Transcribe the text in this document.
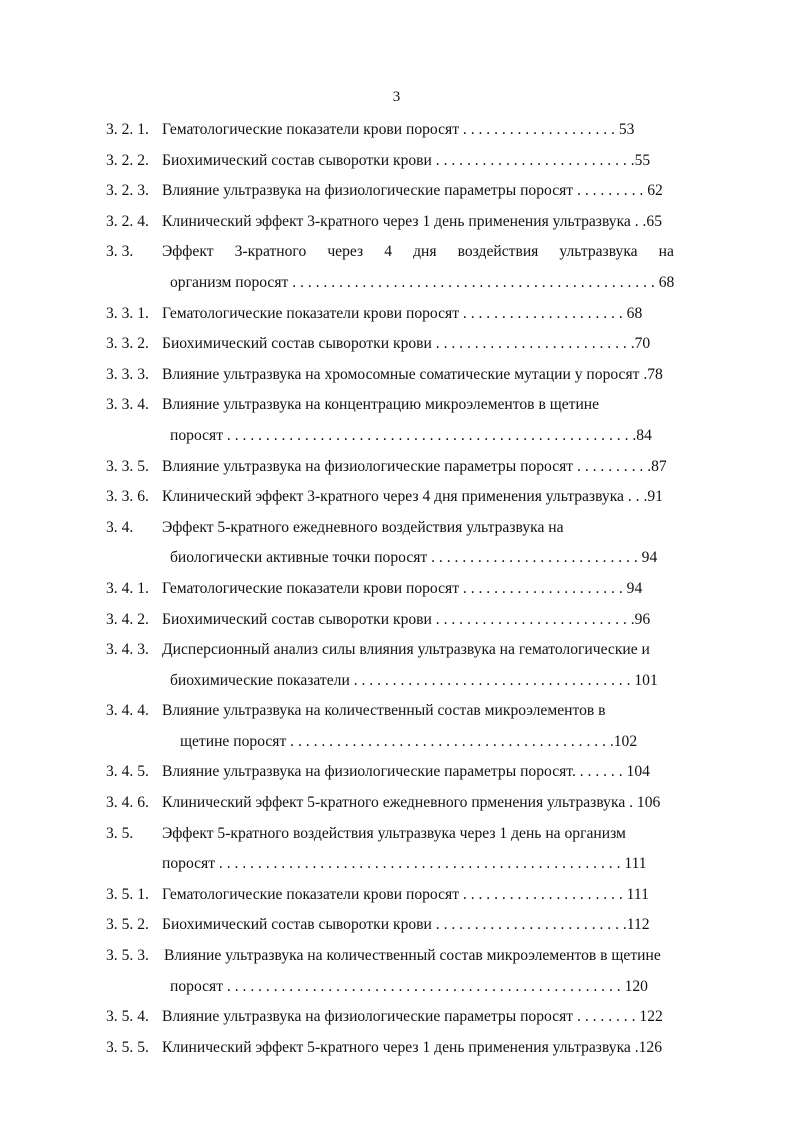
3
3. 2. 1. Гематологические показатели крови поросят . . . . . . . . . . . . . . . . . . . . 53
3. 2. 2. Биохимический состав сыворотки крови . . . . . . . . . . . . . . . . . . . . . . . . . .55
3. 2. 3. Влияние ультразвука на физиологические параметры поросят . . . . . . . . . 62
3. 2. 4. Клинический эффект 3-кратного через 1 день применения ультразвука . .65
3. 3. Эффект 3-кратного через 4 дня воздействия ультразвука на
организм поросят . . . . . . . . . . . . . . . . . . . . . . . . . . . . . . . . . . . . . . . . . . . . . . . 68
3. 3. 1. Гематологические показатели крови поросят . . . . . . . . . . . . . . . . . . . . . 68
3. 3. 2. Биохимический состав сыворотки крови . . . . . . . . . . . . . . . . . . . . . . . . . .70
3. 3. 3. Влияние ультразвука на хромосомные соматические мутации у поросят .78
3. 3. 4. Влияние ультразвука на концентрацию микроэлементов в щетине
поросят . . . . . . . . . . . . . . . . . . . . . . . . . . . . . . . . . . . . . . . . . . . . . . . . . . . . .84
3. 3. 5. Влияние ультразвука на физиологические параметры поросят . . . . . . . . . .87
3. 3. 6. Клинический эффект 3-кратного через 4 дня применения ультразвука . . .91
3. 4. Эффект 5-кратного ежедневного воздействия ультразвука на
биологически активные точки поросят . . . . . . . . . . . . . . . . . . . . . . . . . . . 94
3. 4. 1. Гематологические показатели крови поросят . . . . . . . . . . . . . . . . . . . . . 94
3. 4. 2. Биохимический состав сыворотки крови . . . . . . . . . . . . . . . . . . . . . . . . . .96
3. 4. 3. Дисперсионный анализ силы влияния ультразвука на гематологические и
биохимические показатели . . . . . . . . . . . . . . . . . . . . . . . . . . . . . . . . . . . . 101
3. 4. 4. Влияние ультразвука на количественный состав микроэлементов в
щетине поросят . . . . . . . . . . . . . . . . . . . . . . . . . . . . . . . . . . . . . . . . . .102
3. 4. 5. Влияние ультразвука на физиологические параметры поросят. . . . . . . 104
3. 4. 6. Клинический эффект 5-кратного ежедневного прменения ультразвука . 106
3. 5. Эффект 5-кратного воздействия ультразвука через 1 день на организм
поросят . . . . . . . . . . . . . . . . . . . . . . . . . . . . . . . . . . . . . . . . . . . . . . . . . . . . 111
3. 5. 1. Гематологические показатели крови поросят . . . . . . . . . . . . . . . . . . . . . 111
3. 5. 2. Биохимический состав сыворотки крови . . . . . . . . . . . . . . . . . . . . . . . . .112
3. 5. 3. Влияние ультразвука на количественный состав микроэлементов в щетине
поросят . . . . . . . . . . . . . . . . . . . . . . . . . . . . . . . . . . . . . . . . . . . . . . . . . . . 120
3. 5. 4. Влияние ультразвука на физиологические параметры поросят . . . . . . . . 122
3. 5. 5. Клинический эффект 5-кратного через 1 день применения ультразвука .126
